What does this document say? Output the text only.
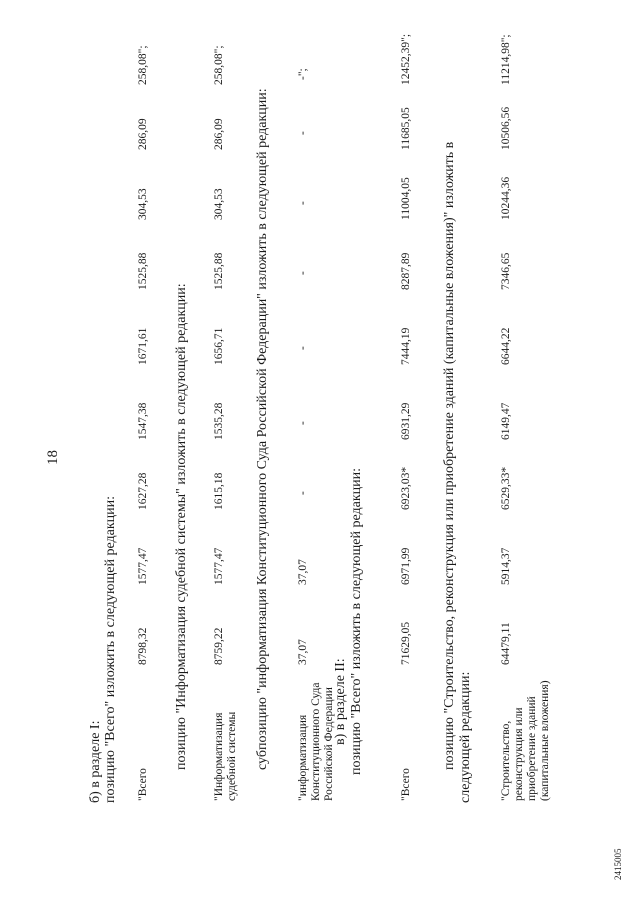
18
б) в разделе I: позицию "Всего" изложить в следующей редакции: "Всего
8798,32
1577,47
1627,28
1547,38
1671,61
1525,88
304,53
286,09
258,08";
позицию "Информатизация судебной системы" изложить в следующей редакции: "Информатизация судебной системы
8759,22
1577,47
1615,18
1535,28
1656,71
1525,88
304,53
286,09
258,08";
субпозицию "информатизация Конституционного Суда Российской Федерации" изложить в следующей редакции: "информатизация Конституционного Суда Российской Федерации
37,07
37,07
-
-
-
-
-
-
-";
в) в разделе II: позицию "Всего" изложить в следующей редакции:
"Всего
71629,05
6971,99
6923,03*
6931,29
7444,19
8287,89
11004,05
11685,05
12452,39";
позицию "Строительство, реконструкция или приобретение зданий (капитальные вложения)" изложить в следующей редакции: "Строительство, реконструкция или приобретение зданий (капитальные вложения)
64479,11
5914,37
6529,33*
6149,47
6644,22
7346,65
10244,36
10506,56
11214,98";
2415005
